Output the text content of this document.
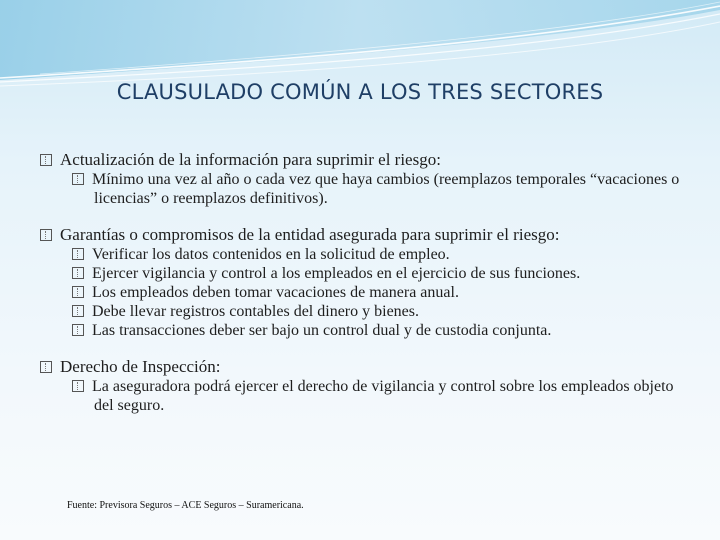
CLAUSULADO COMÚN A LOS TRES SECTORES

Actualización de la información para suprimir el riesgo:

Mínimo una vez al año o cada vez que haya cambios (reemplazos temporales “vacaciones o licencias” o reemplazos definitivos).

Garantías o compromisos de la entidad asegurada para suprimir el riesgo:

Verificar los datos contenidos en la solicitud de empleo.

Ejercer vigilancia y control a los empleados en el ejercicio de sus funciones.

Los empleados deben tomar vacaciones de manera anual.

Debe llevar registros contables del dinero y bienes.

Las transacciones deber ser bajo un control dual y de custodia conjunta.

Derecho de Inspección:

La aseguradora podrá ejercer el derecho de vigilancia y control sobre los empleados objeto del seguro.

Fuente: Previsora Seguros – ACE Seguros – Suramericana.
